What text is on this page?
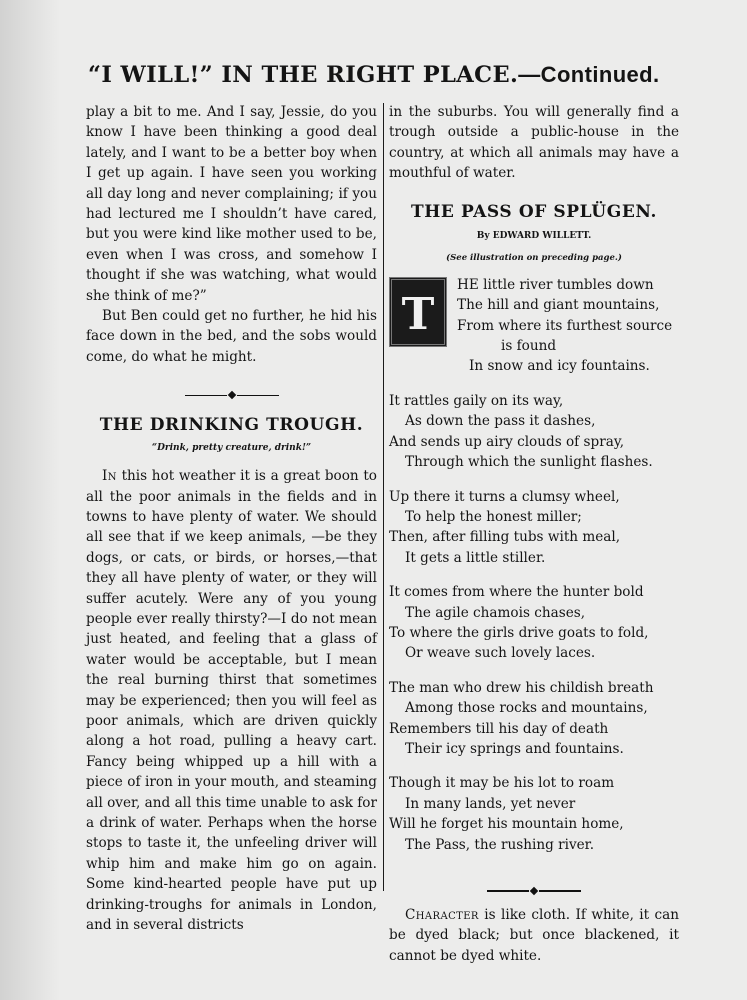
“I WILL!” IN THE RIGHT PLACE.—Continued.

play a bit to me. And I say, Jessie, do you know I have been thinking a good deal lately, and I want to be a better boy when I get up again. I have seen you working all day long and never complaining; if you had lectured me I shouldn’t have cared, but you were kind like mother used to be, even when I was cross, and somehow I thought if she was watching, what would she think of me?”

But Ben could get no further, he hid his face down in the bed, and the sobs would come, do what he might.

THE DRINKING TROUGH.
“Drink, pretty creature, drink!”

In this hot weather it is a great boon to all the poor animals in the fields and in towns to have plenty of water. We should all see that if we keep animals, —be they dogs, or cats, or birds, or horses,—that they all have plenty of water, or they will suffer acutely. Were any of you young people ever really thirsty?—I do not mean just heated, and feeling that a glass of water would be acceptable, but I mean the real burning thirst that sometimes may be experienced; then you will feel as poor animals, which are driven quickly along a hot road, pulling a heavy cart. Fancy being whipped up a hill with a piece of iron in your mouth, and steaming all over, and all this time unable to ask for a drink of water. Perhaps when the horse stops to taste it, the unfeeling driver will whip him and make him go on again. Some kind-hearted people have put up drinking-troughs for animals in London, and in several districts

in the suburbs. You will generally find a trough outside a public-house in the country, at which all animals may have a mouthful of water.

THE PASS OF SPLÜGEN.
By EDWARD WILLETT.
(See illustration on preceding page.)
T
HE little river tumbles down
The hill and giant mountains,
From where its furthest source
is found
In snow and icy fountains.
It rattles gaily on its way,
As down the pass it dashes,
And sends up airy clouds of spray,
Through which the sunlight flashes.
Up there it turns a clumsy wheel,
To help the honest miller;
Then, after filling tubs with meal,
It gets a little stiller.
It comes from where the hunter bold
The agile chamois chases,
To where the girls drive goats to fold,
Or weave such lovely laces.
The man who drew his childish breath
Among those rocks and mountains,
Remembers till his day of death
Their icy springs and fountains.
Though it may be his lot to roam
In many lands, yet never
Will he forget his mountain home,
The Pass, the rushing river.

Character is like cloth. If white, it can be dyed black; but once blackened, it cannot be dyed white.
